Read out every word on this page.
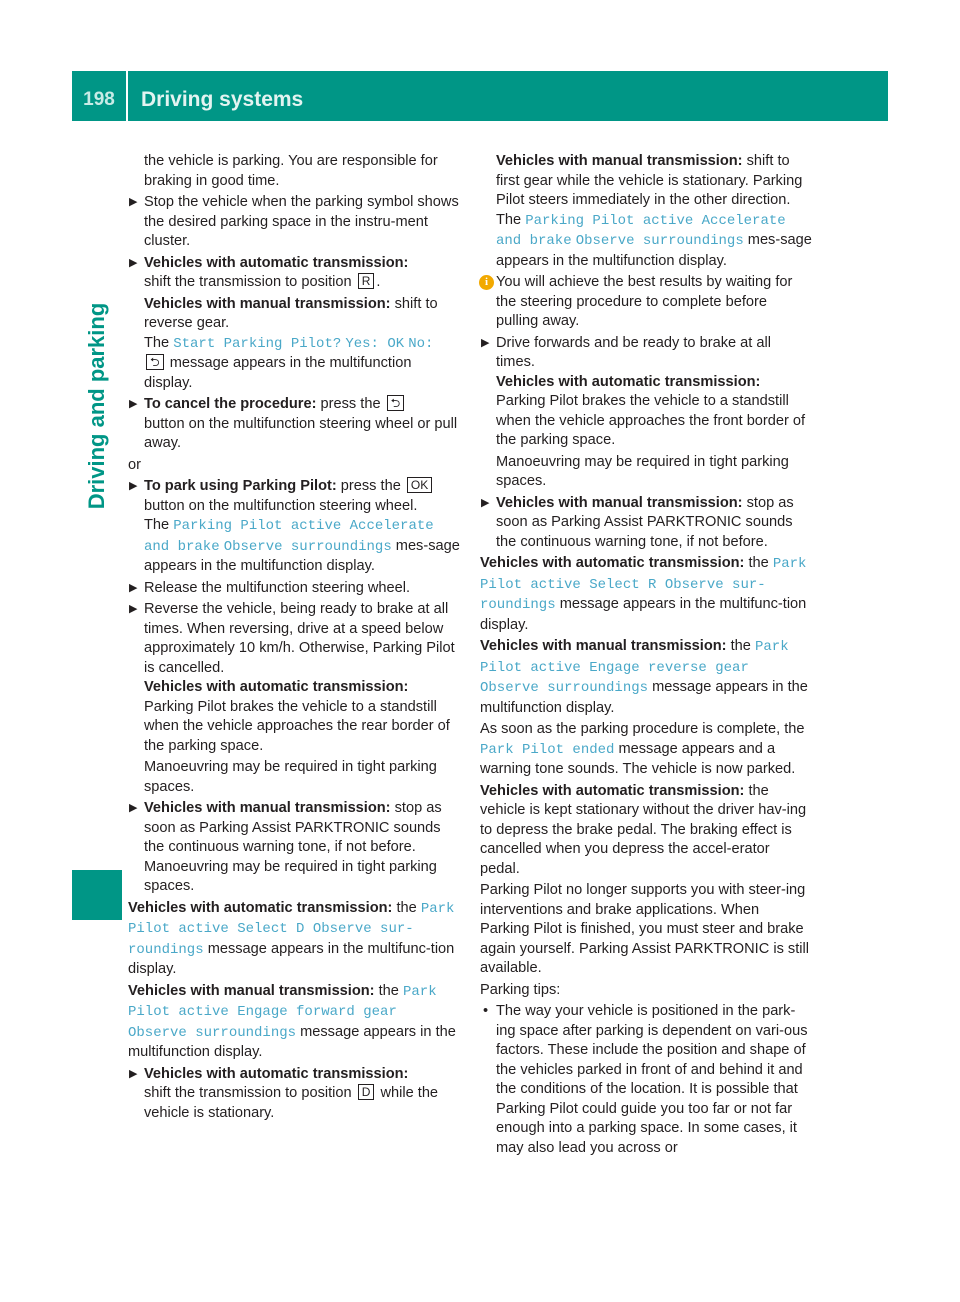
198	Driving systems
Driving and parking

the vehicle is parking. You are responsible for braking in good time.

▶ Stop the vehicle when the parking symbol shows the desired parking space in the instru-ment cluster.

▶ Vehicles with automatic transmission:
shift the transmission to position R .

Vehicles with manual transmission: shift to reverse gear.
The Start Parking Pilot? Yes: OK No:
⮌ message appears in the multifunction display.

▶ To cancel the procedure: press the ⮌
button on the multifunction steering wheel or pull away.

or

▶ To park using Parking Pilot: press the OK
button on the multifunction steering wheel.
The Parking Pilot active Accelerate and brake Observe surroundings mes-sage appears in the multifunction display.

▶ Release the multifunction steering wheel.

▶ Reverse the vehicle, being ready to brake at all times. When reversing, drive at a speed below approximately 10 km/h. Otherwise, Parking Pilot is cancelled.
Vehicles with automatic transmission:
Parking Pilot brakes the vehicle to a standstill when the vehicle approaches the rear border of the parking space.

Manoeuvring may be required in tight parking spaces.

▶ Vehicles with manual transmission: stop as soon as Parking Assist PARKTRONIC sounds the continuous warning tone, if not before.
Manoeuvring may be required in tight parking spaces.

Vehicles with automatic transmission: the Park Pilot active Select D Observe sur-roundings message appears in the multifunc-tion display.

Vehicles with manual transmission: the Park Pilot active Engage forward gear Observe surroundings message appears in the multifunction display.

▶ Vehicles with automatic transmission:
shift the transmission to position D while the vehicle is stationary.

Vehicles with manual transmission: shift to first gear while the vehicle is stationary. Parking Pilot steers immediately in the other direction.
The Parking Pilot active Accelerate and brake Observe surroundings mes-sage appears in the multifunction display.

i You will achieve the best results by waiting for the steering procedure to complete before pulling away.

▶ Drive forwards and be ready to brake at all times.
Vehicles with automatic transmission:
Parking Pilot brakes the vehicle to a standstill when the vehicle approaches the front border of the parking space.

Manoeuvring may be required in tight parking spaces.

▶ Vehicles with manual transmission: stop as soon as Parking Assist PARKTRONIC sounds the continuous warning tone, if not before.

Vehicles with automatic transmission: the Park Pilot active Select R Observe sur-roundings message appears in the multifunc-tion display.

Vehicles with manual transmission: the Park Pilot active Engage reverse gear Observe surroundings message appears in the multifunction display.

As soon as the parking procedure is complete, the Park Pilot ended message appears and a warning tone sounds. The vehicle is now parked.

Vehicles with automatic transmission: the vehicle is kept stationary without the driver hav-ing to depress the brake pedal. The braking effect is cancelled when you depress the accel-erator pedal.

Parking Pilot no longer supports you with steer-ing interventions and brake applications. When Parking Pilot is finished, you must steer and brake again yourself. Parking Assist PARKTRONIC is still available.

Parking tips:

• The way your vehicle is positioned in the park-ing space after parking is dependent on vari-ous factors. These include the position and shape of the vehicles parked in front of and behind it and the conditions of the location. It is possible that Parking Pilot could guide you too far or not far enough into a parking space. In some cases, it may also lead you across or
